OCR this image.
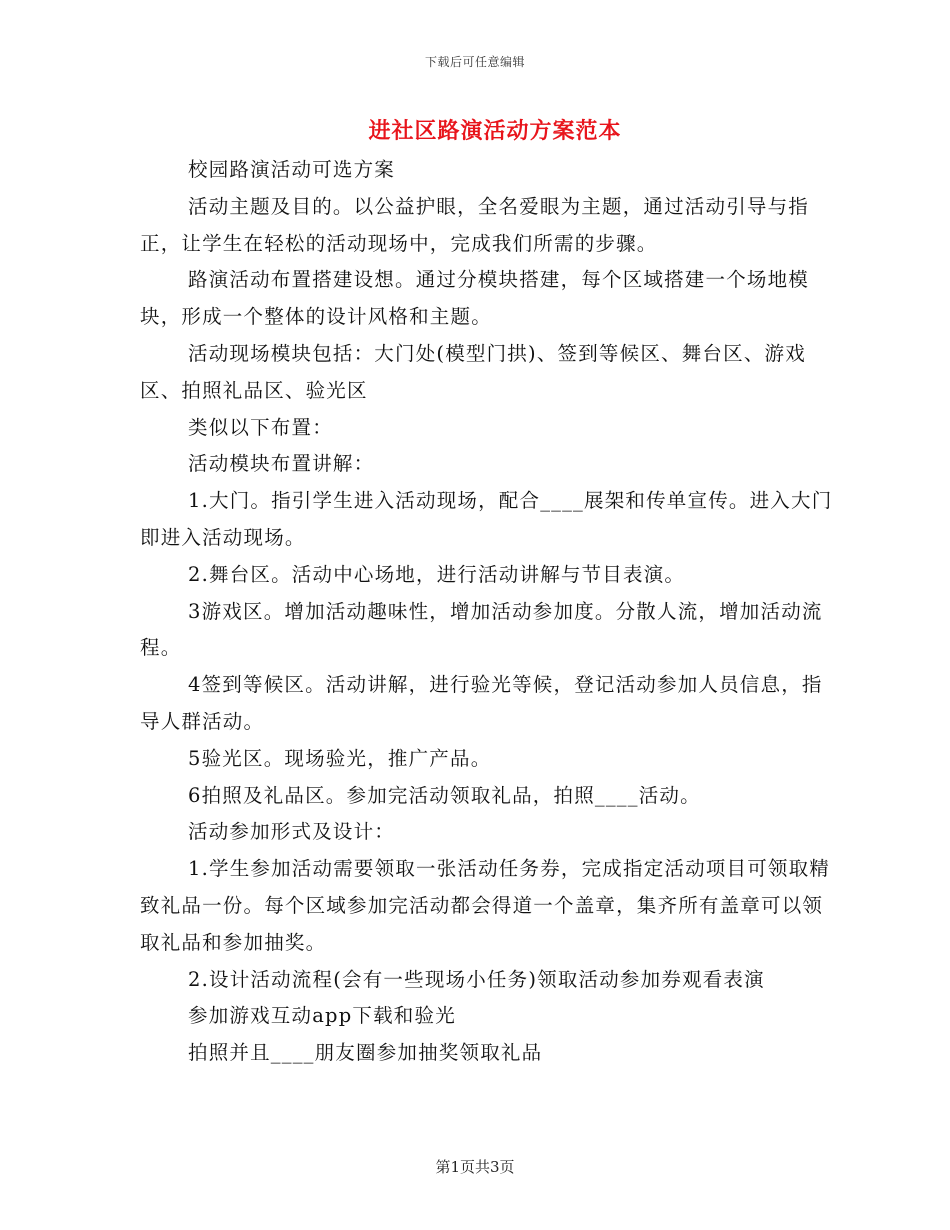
下载后可任意编辑
进社区路演活动方案范本

校园路演活动可选方案

活动主题及目的。以公益护眼，全名爱眼为主题，通过活动引导与指正，让学生在轻松的活动现场中，完成我们所需的步骤。

路演活动布置搭建设想。通过分模块搭建，每个区域搭建一个场地模块，形成一个整体的设计风格和主题。

活动现场模块包括：大门处(模型门拱)、签到等候区、舞台区、游戏区、拍照礼品区、验光区

类似以下布置：

活动模块布置讲解：

1.大门。指引学生进入活动现场，配合____展架和传单宣传。进入大门即进入活动现场。

2.舞台区。活动中心场地，进行活动讲解与节目表演。

3游戏区。增加活动趣味性，增加活动参加度。分散人流，增加活动流程。

4签到等候区。活动讲解，进行验光等候，登记活动参加人员信息，指导人群活动。

5验光区。现场验光，推广产品。

6拍照及礼品区。参加完活动领取礼品，拍照____活动。

活动参加形式及设计：

1.学生参加活动需要领取一张活动任务券，完成指定活动项目可领取精致礼品一份。每个区域参加完活动都会得道一个盖章，集齐所有盖章可以领取礼品和参加抽奖。

2.设计活动流程(会有一些现场小任务)领取活动参加券观看表演

参加游戏互动app下载和验光

拍照并且____朋友圈参加抽奖领取礼品

第1页共3页
